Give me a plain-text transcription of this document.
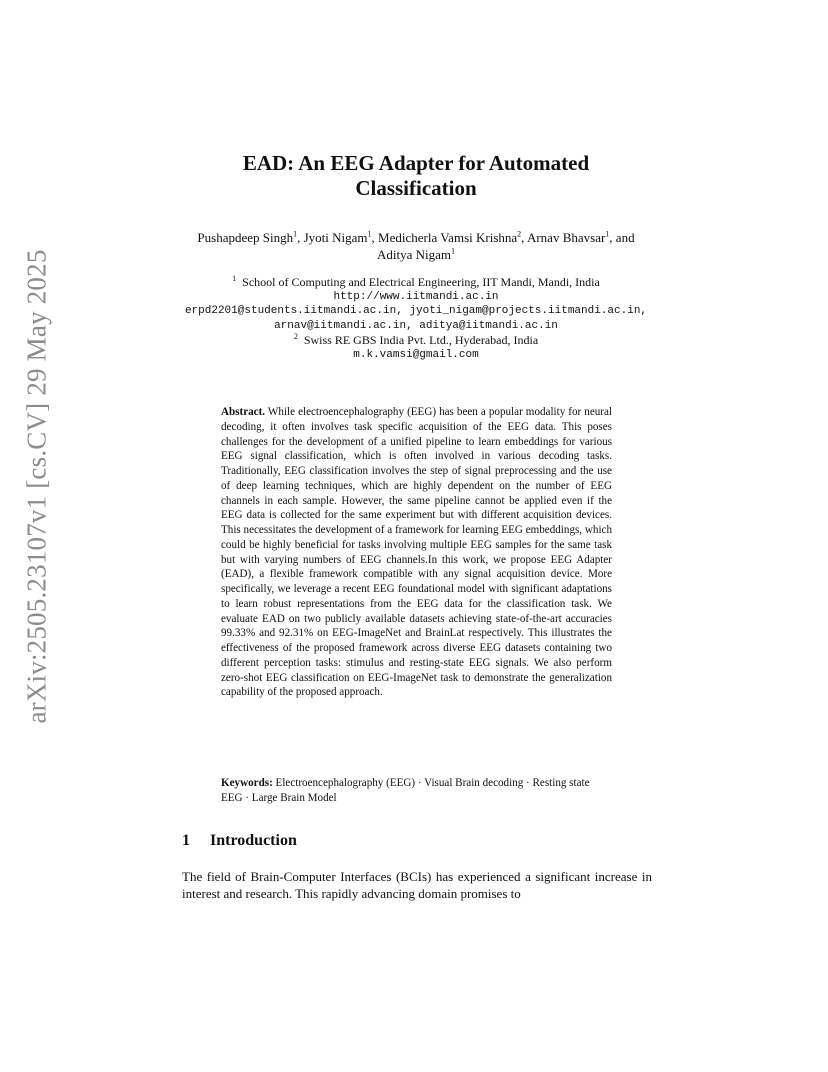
arXiv:2505.23107v1 [cs.CV] 29 May 2025
EAD: An EEG Adapter for Automated Classification
Pushapdeep Singh$^1$, Jyoti Nigam$^1$, Medicherla Vamsi Krishna$^2$, Arnav Bhavsar$^1$, and Aditya Nigam$^1$
$^1$ School of Computing and Electrical Engineering, IIT Mandi, Mandi, India
http://www.iitmandi.ac.in
erpd2201@students.iitmandi.ac.in, jyoti_nigam@projects.iitmandi.ac.in,
arnav@iitmandi.ac.in, aditya@iitmandi.ac.in
$^2$ Swiss RE GBS India Pvt. Ltd., Hyderabad, India
m.k.vamsi@gmail.com
Abstract. While electroencephalography (EEG) has been a popular modality for neural decoding, it often involves task specific acquisition of the EEG data. This poses challenges for the development of a unified pipeline to learn embeddings for various EEG signal classification, which is often involved in various decoding tasks. Traditionally, EEG classification involves the step of signal preprocessing and the use of deep learning techniques, which are highly dependent on the number of EEG channels in each sample. However, the same pipeline cannot be applied even if the EEG data is collected for the same experiment but with different acquisition devices. This necessitates the development of a framework for learning EEG embeddings, which could be highly beneficial for tasks involving multiple EEG samples for the same task but with varying numbers of EEG channels.In this work, we propose EEG Adapter (EAD), a flexible framework compatible with any signal acquisition device. More specifically, we leverage a recent EEG foundational model with significant adaptations to learn robust representations from the EEG data for the classification task. We evaluate EAD on two publicly available datasets achieving state-of-the-art accuracies 99.33% and 92.31% on EEG-ImageNet and BrainLat respectively. This illustrates the effectiveness of the proposed framework across diverse EEG datasets containing two different perception tasks: stimulus and resting-state EEG signals. We also perform zero-shot EEG classification on EEG-ImageNet task to demonstrate the generalization capability of the proposed approach.
Keywords: Electroencephalography (EEG) · Visual Brain decoding · Resting state EEG · Large Brain Model
1 Introduction
The field of Brain-Computer Interfaces (BCIs) has experienced a significant increase in interest and research. This rapidly advancing domain promises to
